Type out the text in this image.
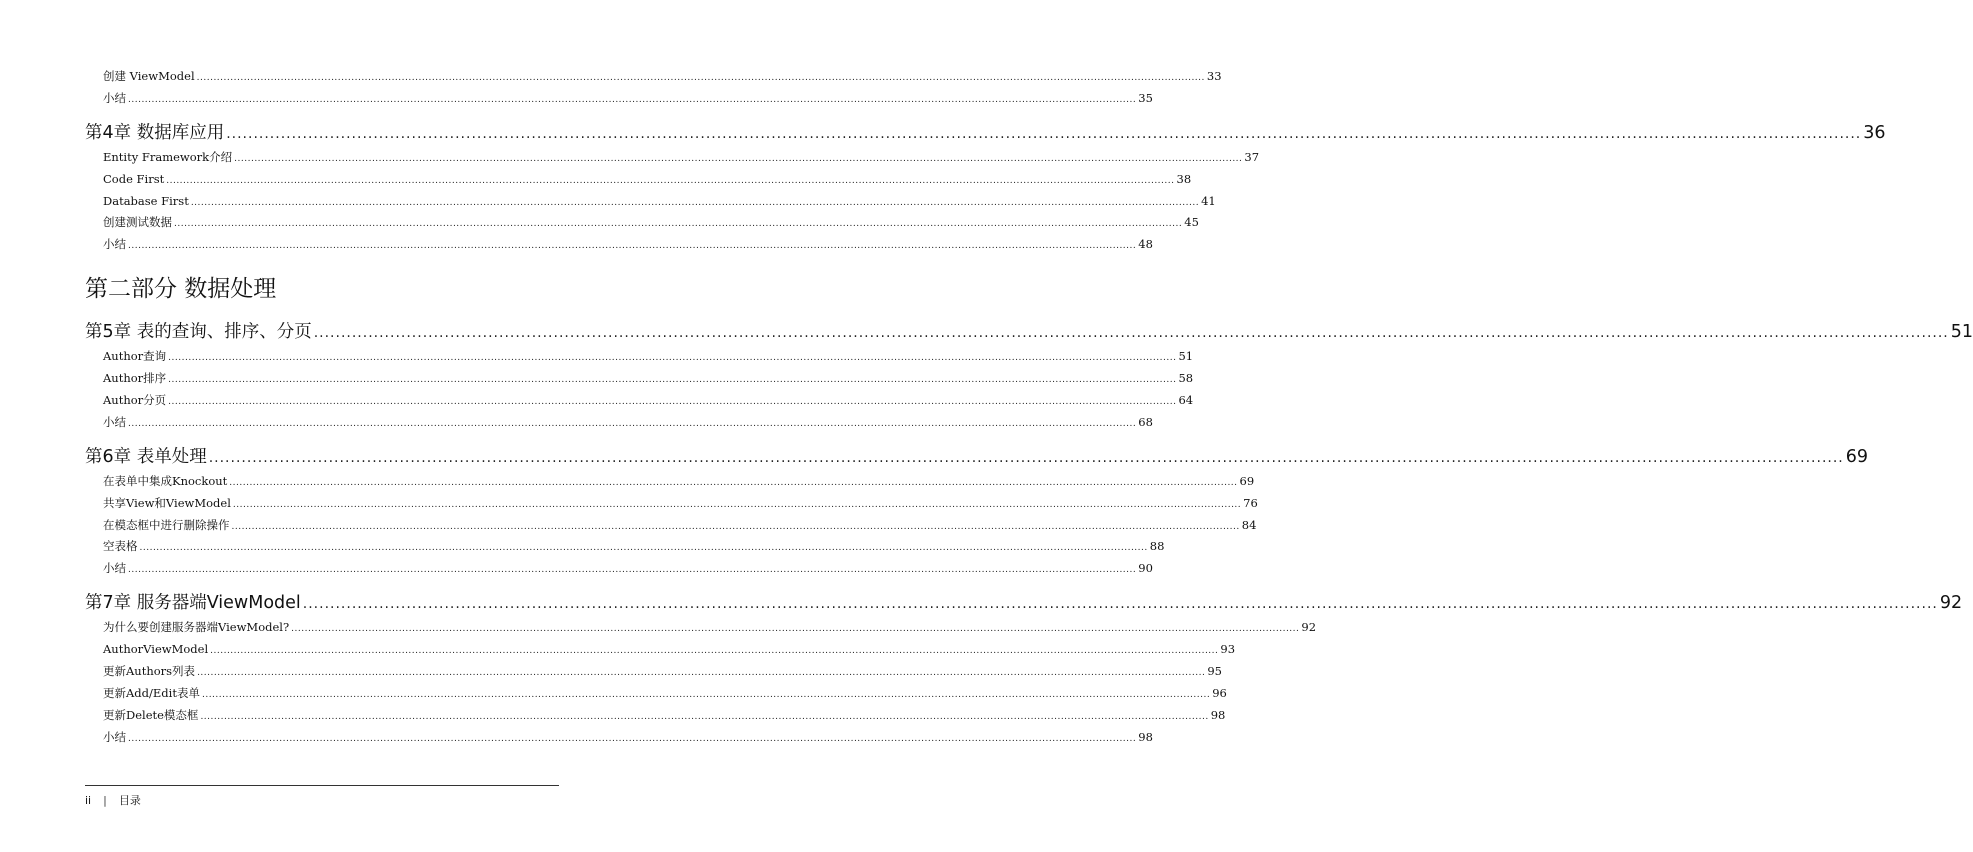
创建 ViewModel ............................................................................................................................................................................................................................................................................................................ 33
小结 ............................................................................................................................................................................................................................................................................................................ 35
第4章 数据库应用 ............................................................................................................................................................................................................................................................................................................ 36
Entity Framework介绍 ............................................................................................................................................................................................................................................................................................................ 37
Code First ............................................................................................................................................................................................................................................................................................................ 38
Database First ............................................................................................................................................................................................................................................................................................................ 41
创建测试数据 ............................................................................................................................................................................................................................................................................................................ 45
小结 ............................................................................................................................................................................................................................................................................................................ 48
第二部分 数据处理
第5章 表的查询、排序、分页 ............................................................................................................................................................................................................................................................................................................ 51
Author查询 ............................................................................................................................................................................................................................................................................................................ 51
Author排序 ............................................................................................................................................................................................................................................................................................................ 58
Author分页 ............................................................................................................................................................................................................................................................................................................ 64
小结 ............................................................................................................................................................................................................................................................................................................ 68
第6章 表单处理 ............................................................................................................................................................................................................................................................................................................ 69
在表单中集成Knockout ............................................................................................................................................................................................................................................................................................................ 69
共享View和ViewModel ............................................................................................................................................................................................................................................................................................................ 76
在模态框中进行删除操作 ............................................................................................................................................................................................................................................................................................................ 84
空表格 ............................................................................................................................................................................................................................................................................................................ 88
小结 ............................................................................................................................................................................................................................................................................................................ 90
第7章 服务器端ViewModel ............................................................................................................................................................................................................................................................................................................ 92
为什么要创建服务器端ViewModel? ............................................................................................................................................................................................................................................................................................................ 92
AuthorViewModel ............................................................................................................................................................................................................................................................................................................ 93
更新Authors列表 ............................................................................................................................................................................................................................................................................................................ 95
更新Add/Edit表单 ............................................................................................................................................................................................................................................................................................................ 96
更新Delete模态框 ............................................................................................................................................................................................................................................................................................................ 98
小结 ............................................................................................................................................................................................................................................................................................................ 98
ii | 目录
